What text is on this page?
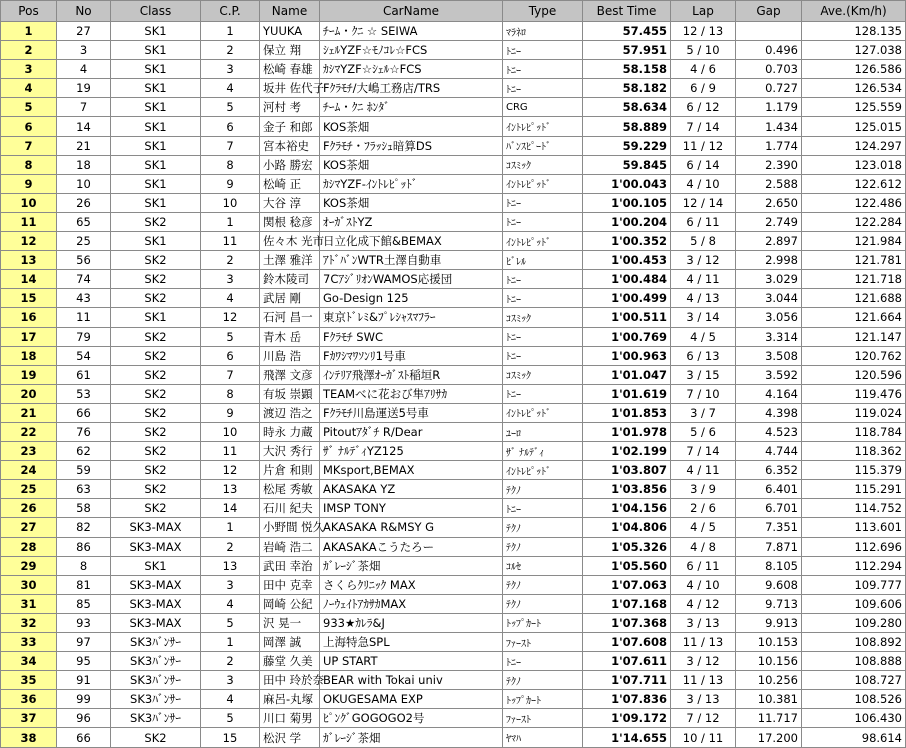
Pos	No	Class	C.P.	Name	CarName	Type	Best Time	Lap	Gap	Ave.(Km/h)
1	27	SK1	1	YUUKA	ﾁｰﾑ・ｸﾆ ☆ SEIWA	ﾏﾗﾈﾛ	57.455	12 / 13		128.135
2	3	SK1	2	保立 翔	ｼｪﾙYZF☆ﾓﾉｺﾚ☆FCS	ﾄﾆｰ	57.951	5 / 10	0.496	127.038
3	4	SK1	3	松崎 春雄	ｶｼﾏYZF☆ｼｪﾙ☆FCS	ﾄﾆｰ	58.158	4 / 6	0.703	126.586
4	19	SK1	4	坂井 佐代子	Fｸﾗﾓﾁ/大嶋工務店/TRS	ﾄﾆｰ	58.182	6 / 9	0.727	126.534
5	7	SK1	5	河村 考	ﾁｰﾑ・ｸﾆ ﾎﾝﾀﾞ	CRG	58.634	6 / 12	1.179	125.559
6	14	SK1	6	金子 和郎	KOS茶畑	ｲﾝﾄﾚﾋﾟｯﾄﾞ	58.889	7 / 14	1.434	125.015
7	21	SK1	7	宮本裕史	Fｸﾗﾓﾁ・ﾌﾗｯｼｭ暗算DS	ﾊﾞﾝｽﾋﾟｰﾄﾞ	59.229	11 / 12	1.774	124.297
8	18	SK1	8	小路 勝宏	KOS茶畑	ｺｽﾐｯｸ	59.845	6 / 14	2.390	123.018
9	10	SK1	9	松崎 正	ｶｼﾏYZF-ｲﾝﾄﾚﾋﾟｯﾄﾞ	ｲﾝﾄﾚﾋﾟｯﾄﾞ	1'00.043	4 / 10	2.588	122.612
10	26	SK1	10	大谷 淳	KOS茶畑	ﾄﾆｰ	1'00.105	12 / 14	2.650	122.486
11	65	SK2	1	関根 稔彦	ｵｰｶﾞｽﾄYZ	ﾄﾆｰ	1'00.204	6 / 11	2.749	122.284
12	25	SK1	11	佐々木 光市	日立化成下館&BEMAX	ｲﾝﾄﾚﾋﾟｯﾄﾞ	1'00.352	5 / 8	2.897	121.984
13	56	SK2	2	土澤 雅洋	ｱﾄﾞﾊﾞﾝWTR土澤自動車	ﾋﾞﾚﾙ	1'00.453	3 / 12	2.998	121.781
14	74	SK2	3	鈴木陵司	7CｱｼﾞﾘｵﾝWAMOS応援団	ﾄﾆｰ	1'00.484	4 / 11	3.029	121.718
15	43	SK2	4	武居 剛	Go-Design 125	ﾄﾆｰ	1'00.499	4 / 13	3.044	121.688
16	11	SK1	12	石河 昌一	東京ﾄﾞﾚﾐ&ﾌﾟﾚｼｬｽﾏﾌﾗｰ	ｺｽﾐｯｸ	1'00.511	3 / 14	3.056	121.664
17	79	SK2	5	青木 岳	Fｸﾗﾓﾁ SWC	ﾄﾆｰ	1'00.769	4 / 5	3.314	121.147
18	54	SK2	6	川島 浩	Fｶﾜｼﾏﾜｿﾝﾘ1号車	ﾄﾆｰ	1'00.963	6 / 13	3.508	120.762
19	61	SK2	7	飛澤 文彦	ｲﾝﾃﾘｱ飛澤ｵｰｶﾞｽﾄ稲垣R	ｺｽﾐｯｸ	1'01.047	3 / 15	3.592	120.596
20	53	SK2	8	有坂 崇顕	TEAMべに花おび隼ｱﾘｻｶ	ﾄﾆｰ	1'01.619	7 / 10	4.164	119.476
21	66	SK2	9	渡辺 浩之	Fｸﾗﾓﾁ川島運送5号車	ｲﾝﾄﾚﾋﾟｯﾄﾞ	1'01.853	3 / 7	4.398	119.024
22	76	SK2	10	時永 力蔵	Pitoutｱﾀﾞﾁ R/Dear	ﾕｰﾛ	1'01.978	5 / 6	4.523	118.784
23	62	SK2	11	大沢 秀行	ｻﾞ ﾅﾙﾃﾞｨYZ125	ｻﾞ ﾅﾙﾃﾞｨ	1'02.199	7 / 14	4.744	118.362
24	59	SK2	12	片倉 和則	MKsport,BEMAX	ｲﾝﾄﾚﾋﾟｯﾄﾞ	1'03.807	4 / 11	6.352	115.379
25	63	SK2	13	松尾 秀敏	AKASAKA YZ	ﾃｸﾉ	1'03.856	3 / 9	6.401	115.291
26	58	SK2	14	石川 紀夫	IMSP TONY	ﾄﾆｰ	1'04.156	2 / 6	6.701	114.752
27	82	SK3-MAX	1	小野間 悦久	AKASAKA R&MSY G	ﾃｸﾉ	1'04.806	4 / 5	7.351	113.601
28	86	SK3-MAX	2	岩崎 浩二	AKASAKAこうたろー	ﾃｸﾉ	1'05.326	4 / 8	7.871	112.696
29	8	SK1	13	武田 幸治	ｶﾞﾚｰｼﾞ茶畑	ｺﾙｾ	1'05.560	6 / 11	8.105	112.294
30	81	SK3-MAX	3	田中 克幸	さくらｸﾘﾆｯｸ MAX	ﾃｸﾉ	1'07.063	4 / 10	9.608	109.777
31	85	SK3-MAX	4	岡崎 公紀	ﾉｰｳｪｲﾄｱｶｻｶMAX	ﾃｸﾉ	1'07.168	4 / 12	9.713	109.606
32	93	SK3-MAX	5	沢 晃一	933★ｶﾚﾗ&J	ﾄｯﾌﾟｶｰﾄ	1'07.368	3 / 13	9.913	109.280
33	97	SK3ﾊﾞﾝｻｰ	1	岡澤 誠	上海特急SPL	ﾌｧｰｽﾄ	1'07.608	11 / 13	10.153	108.892
34	95	SK3ﾊﾞﾝｻｰ	2	藤堂 久美	UP START	ﾄﾆｰ	1'07.611	3 / 12	10.156	108.888
35	91	SK3ﾊﾞﾝｻｰ	3	田中 玲於奈	BEAR with Tokai univ	ﾃｸﾉ	1'07.711	11 / 13	10.256	108.727
36	99	SK3ﾊﾞﾝｻｰ	4	麻呂-丸塚	OKUGESAMA EXP	ﾄｯﾌﾟｶｰﾄ	1'07.836	3 / 13	10.381	108.526
37	96	SK3ﾊﾞﾝｻｰ	5	川口 菊男	ﾋﾟﾝｸﾞGOGOGO2号	ﾌｧｰｽﾄ	1'09.172	7 / 12	11.717	106.430
38	66	SK2	15	松沢 学	ｶﾞﾚｰｼﾞ茶畑	ﾔﾏﾊ	1'14.655	10 / 11	17.200	98.614
